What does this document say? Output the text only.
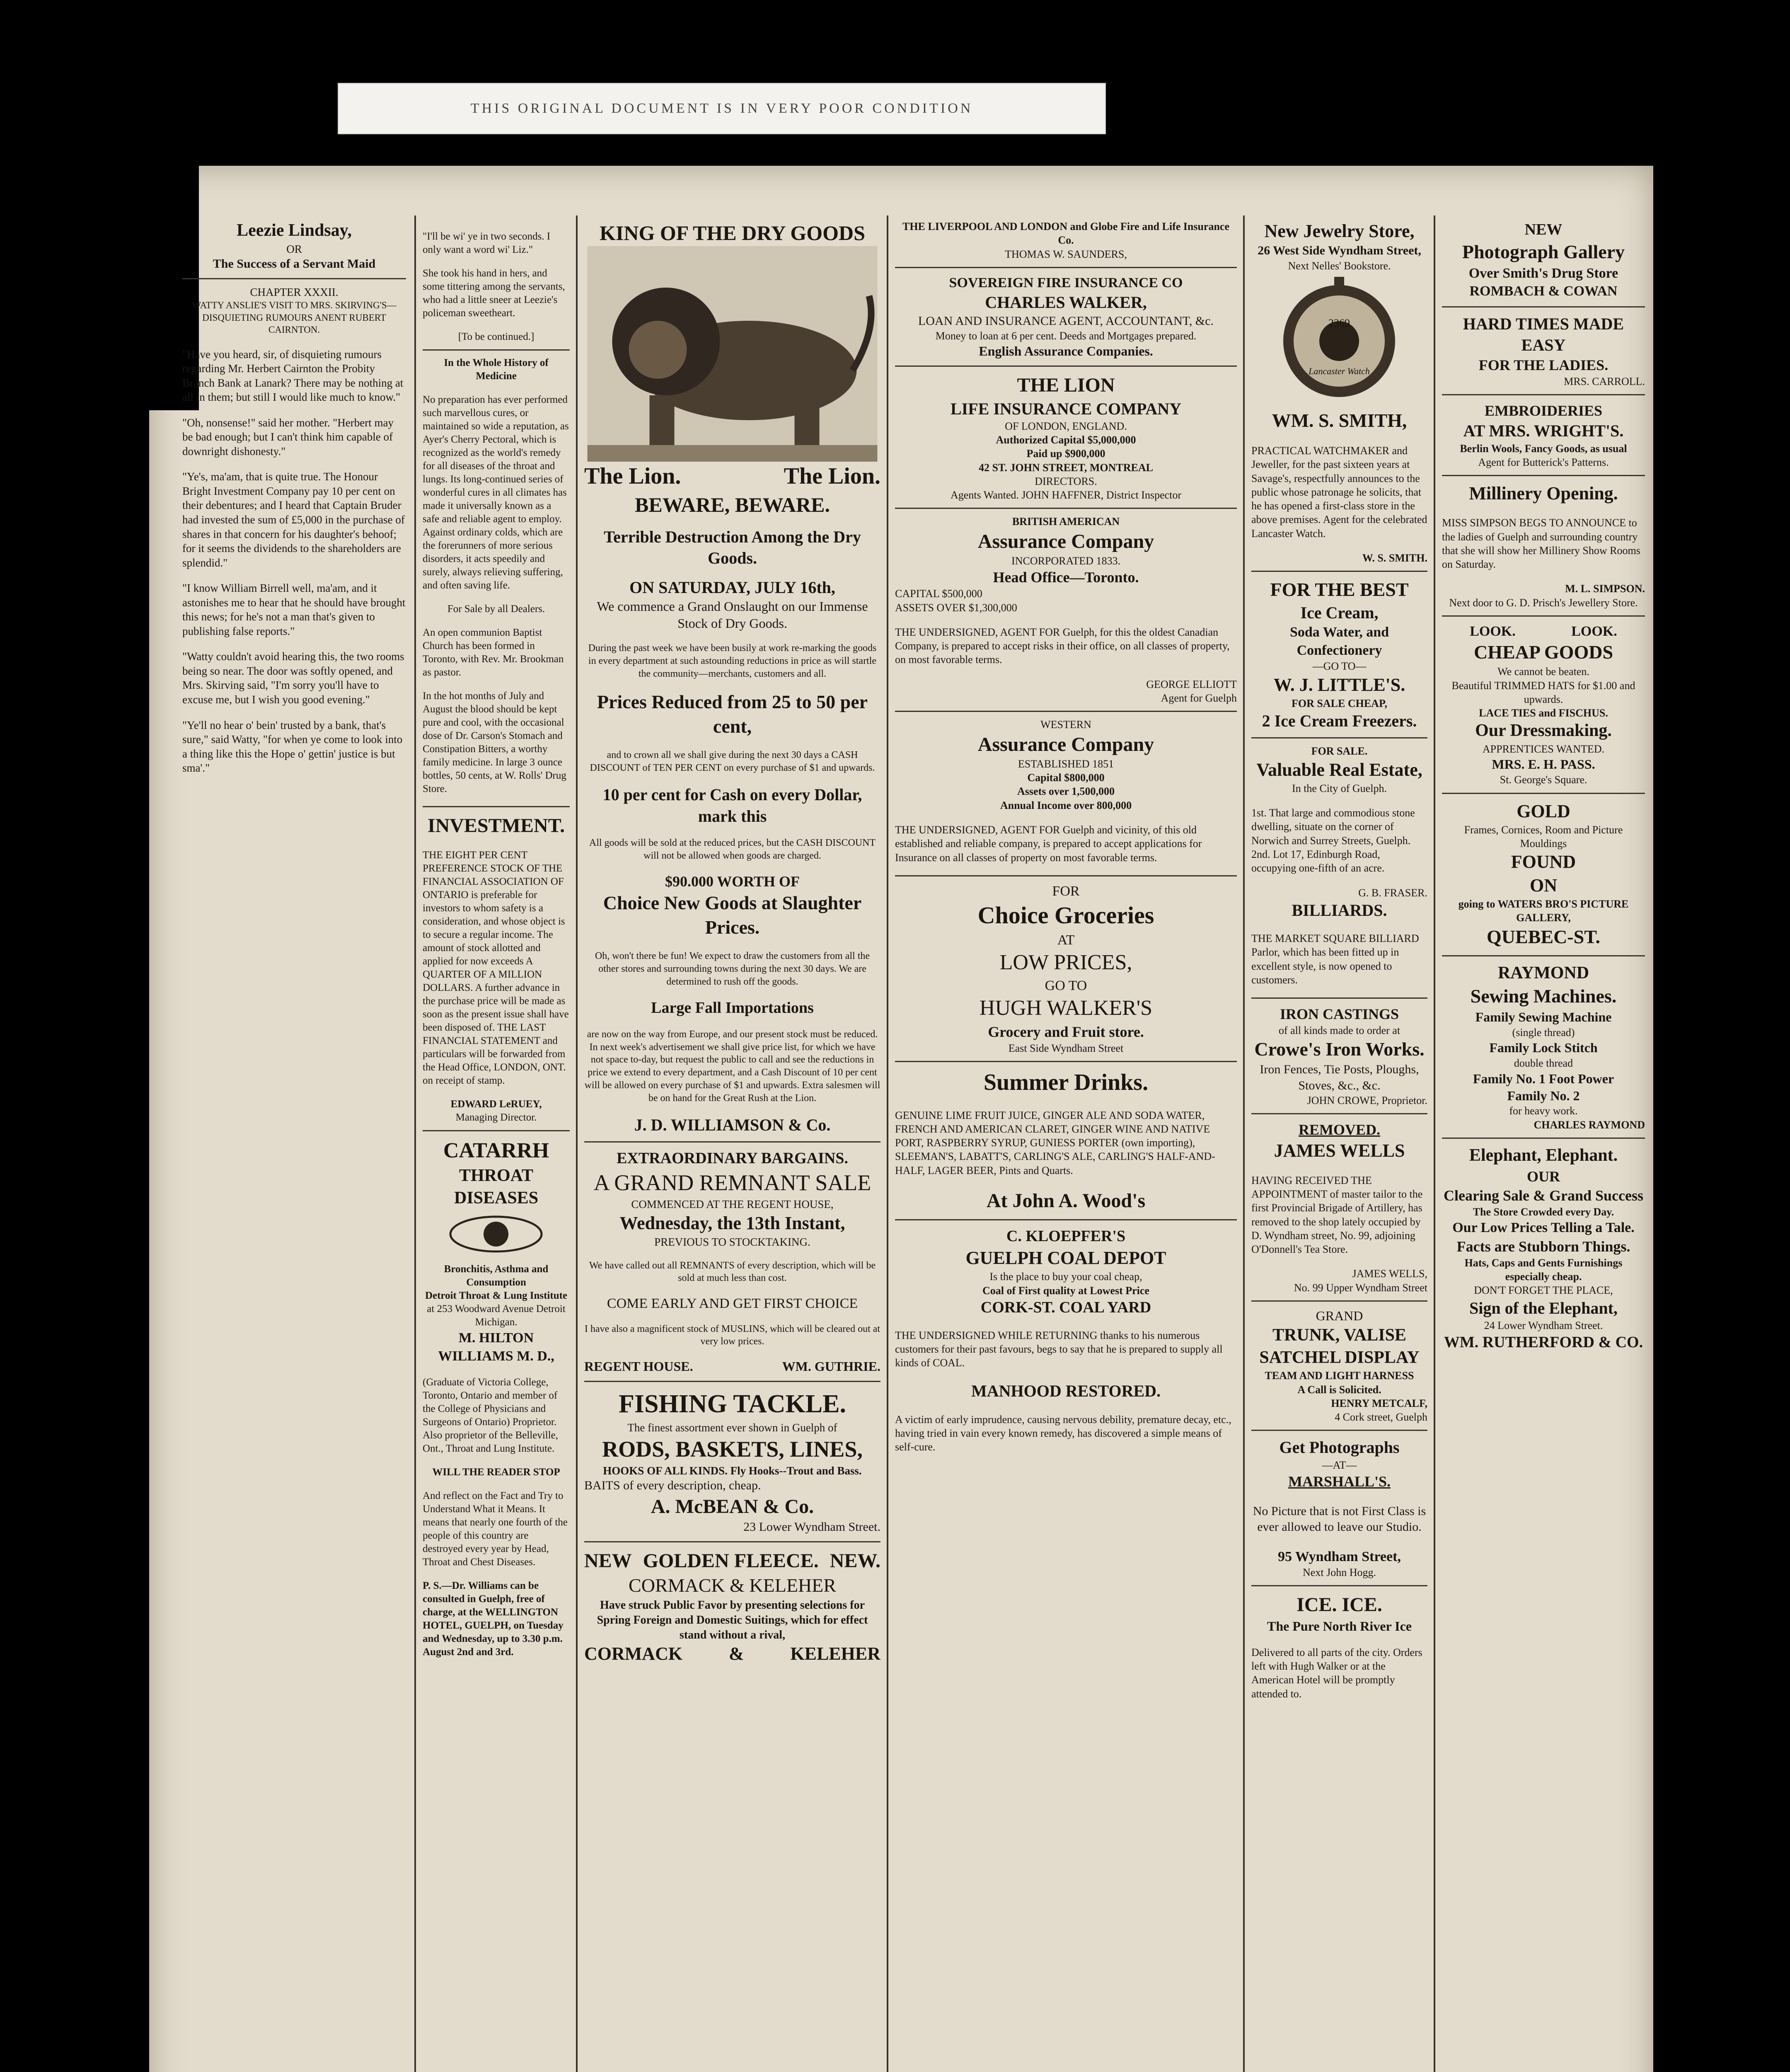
THIS ORIGINAL DOCUMENT IS IN VERY POOR CONDITION
Leezie Lindsay,
OR
The Success of a Servant Maid
CHAPTER XXXII.
WATTY ANSLIE'S VISIT TO MRS. SKIRVING'S— DISQUIETING RUMOURS ANENT RUBERT CAIRNTON.

"Have you heard, sir, of disquieting rumours regarding Mr. Herbert Cairnton the Probity Branch Bank at Lanark? There may be nothing at all in them; but still I would like much to know."

"Oh, nonsense!" said her mother. "Herbert may be bad enough; but I can't think him capable of downright dishonesty."

"Ye's, ma'am, that is quite true. The Honour Bright Investment Company pay 10 per cent on their debentures; and I heard that Captain Bruder had invested the sum of £5,000 in the purchase of shares in that concern for his daughter's behoof; for it seems the dividends to the shareholders are splendid."

"I know William Birrell well, ma'am, and it astonishes me to hear that he should have brought this news; for he's not a man that's given to publishing false reports."

"Watty couldn't avoid hearing this, the two rooms being so near. The door was softly opened, and Mrs. Skirving said, "I'm sorry you'll have to excuse me, but I wish you good evening."

"Ye'll no hear o' bein' trusted by a bank, that's sure," said Watty, "for when ye come to look into a thing like this the Hope o' gettin' justice is but sma'."

"I'll be wi' ye in two seconds. I only want a word wi' Liz."

She took his hand in hers, and some tittering among the servants, who had a little sneer at Leezie's policeman sweetheart.

[To be continued.]
In the Whole History of Medicine

No preparation has ever performed such marvellous cures, or maintained so wide a reputation, as Ayer's Cherry Pectoral, which is recognized as the world's remedy for all diseases of the throat and lungs. Its long-continued series of wonderful cures in all climates has made it universally known as a safe and reliable agent to employ. Against ordinary colds, which are the forerunners of more serious disorders, it acts speedily and surely, always relieving suffering, and often saving life.

For Sale by all Dealers.

An open communion Baptist Church has been formed in Toronto, with Rev. Mr. Brookman as pastor.

In the hot months of July and August the blood should be kept pure and cool, with the occasional dose of Dr. Carson's Stomach and Constipation Bitters, a worthy family medicine. In large 3 ounce bottles, 50 cents, at W. Rolls' Drug Store.

INVESTMENT.

THE EIGHT PER CENT PREFERENCE STOCK OF THE FINANCIAL ASSOCIATION OF ONTARIO is preferable for investors to whom safety is a consideration, and whose object is to secure a regular income. The amount of stock allotted and applied for now exceeds A QUARTER OF A MILLION DOLLARS. A further advance in the purchase price will be made as soon as the present issue shall have been disposed of. THE LAST FINANCIAL STATEMENT and particulars will be forwarded from the Head Office, LONDON, ONT. on receipt of stamp.

EDWARD LeRUEY,
Managing Director.
CATARRH
THROAT DISEASES
Bronchitis, Asthma and Consumption
Detroit Throat & Lung Institute
at 253 Woodward Avenue Detroit Michigan.
M. HILTON WILLIAMS M. D.,

(Graduate of Victoria College, Toronto, Ontario and member of the College of Physicians and Surgeons of Ontario) Proprietor. Also proprietor of the Belleville, Ont., Throat and Lung Institute.

WILL THE READER STOP

And reflect on the Fact and Try to Understand What it Means. It means that nearly one fourth of the people of this country are destroyed every year by Head, Throat and Chest Diseases.

P. S.—Dr. Williams can be consulted in Guelph, free of charge, at the WELLINGTON HOTEL, GUELPH, on Tuesday and Wednesday, up to 3.30 p.m. August 2nd and 3rd.

KING OF THE DRY GOODS
The Lion.	The Lion.
BEWARE, BEWARE.
Terrible Destruction Among the Dry Goods.
ON SATURDAY, JULY 16th,
We commence a Grand Onslaught on our Immense Stock of Dry Goods.

During the past week we have been busily at work re-marking the goods in every department at such astounding reductions in price as will startle the community—merchants, customers and all.

Prices Reduced from 25 to 50 per cent,

and to crown all we shall give during the next 30 days a CASH DISCOUNT of TEN PER CENT on every purchase of $1 and upwards.

10 per cent for Cash on every Dollar, mark this

All goods will be sold at the reduced prices, but the CASH DISCOUNT will not be allowed when goods are charged.

$90.000 WORTH OF
Choice New Goods at Slaughter Prices.

Oh, won't there be fun! We expect to draw the customers from all the other stores and surrounding towns during the next 30 days. We are determined to rush off the goods.

Large Fall Importations

are now on the way from Europe, and our present stock must be reduced. In next week's advertisement we shall give price list, for which we have not space to-day, but request the public to call and see the reductions in price we extend to every department, and a Cash Discount of 10 per cent will be allowed on every purchase of $1 and upwards. Extra salesmen will be on hand for the Great Rush at the Lion.

J. D. WILLIAMSON & Co.
EXTRAORDINARY BARGAINS.
A GRAND REMNANT SALE
COMMENCED AT THE REGENT HOUSE,
Wednesday, the 13th Instant,
PREVIOUS TO STOCKTAKING.

We have called out all REMNANTS of every description, which will be sold at much less than cost.

COME EARLY AND GET FIRST CHOICE

I have also a magnificent stock of MUSLINS, which will be cleared out at very low prices.

REGENT HOUSE.	WM. GUTHRIE.
FISHING TACKLE.
The finest assortment ever shown in Guelph of
RODS, BASKETS, LINES,
HOOKS OF ALL KINDS. Fly Hooks--Trout and Bass.
BAITS of every description, cheap.
A. McBEAN & Co.
23 Lower Wyndham Street.
NEW GOLDEN FLEECE. NEW.
CORMACK & KELEHER
Have struck Public Favor by presenting selections for Spring Foreign and Domestic Suitings, which for effect stand without a rival,
CORMACK	&	KELEHER
THE LIVERPOOL AND LONDON and Globe Fire and Life Insurance Co.
THOMAS W. SAUNDERS,
SOVEREIGN FIRE INSURANCE CO
CHARLES WALKER,
LOAN AND INSURANCE AGENT, ACCOUNTANT, &c.
Money to loan at 6 per cent. Deeds and Mortgages prepared.
English Assurance Companies.
THE LION
LIFE INSURANCE COMPANY
OF LONDON, ENGLAND.
Authorized Capital $5,000,000
Paid up $900,000
42 ST. JOHN STREET, MONTREAL
DIRECTORS.
Agents Wanted. JOHN HAFFNER, District Inspector
BRITISH AMERICAN
Assurance Company
INCORPORATED 1833.
Head Office—Toronto.
CAPITAL $500,000
ASSETS OVER $1,300,000

THE UNDERSIGNED, AGENT FOR Guelph, for this the oldest Canadian Company, is prepared to accept risks in their office, on all classes of property, on most favorable terms.

GEORGE ELLIOTT
Agent for Guelph
WESTERN
Assurance Company
ESTABLISHED 1851
Capital $800,000
Assets over 1,500,000
Annual Income over 800,000

THE UNDERSIGNED, AGENT FOR Guelph and vicinity, of this old established and reliable company, is prepared to accept applications for Insurance on all classes of property on most favorable terms.

FOR
Choice Groceries
AT
LOW PRICES,
GO TO
HUGH WALKER'S
Grocery and Fruit store.
East Side Wyndham Street
Summer Drinks.

GENUINE LIME FRUIT JUICE, GINGER ALE AND SODA WATER, FRENCH AND AMERICAN CLARET, GINGER WINE AND NATIVE PORT, RASPBERRY SYRUP, GUNIESS PORTER (own importing), SLEEMAN'S, LABATT'S, CARLING'S ALE, CARLING'S HALF-AND-HALF, LAGER BEER, Pints and Quarts.

At John A. Wood's
C. KLOEPFER'S
GUELPH COAL DEPOT
Is the place to buy your coal cheap,
Coal of First quality at Lowest Price
CORK-ST. COAL YARD

THE UNDERSIGNED WHILE RETURNING thanks to his numerous customers for their past favours, begs to say that he is prepared to supply all kinds of COAL.

MANHOOD RESTORED.

A victim of early imprudence, causing nervous debility, premature decay, etc., having tried in vain every known remedy, has discovered a simple means of self-cure.

New Jewelry Store,
26 West Side Wyndham Street,
Next Nelles' Bookstore.
2369
Lancaster Watch
WM. S. SMITH,

PRACTICAL WATCHMAKER and Jeweller, for the past sixteen years at Savage's, respectfully announces to the public whose patronage he solicits, that he has opened a first-class store in the above premises. Agent for the celebrated Lancaster Watch.

W. S. SMITH.
FOR THE BEST
Ice Cream,
Soda Water, and Confectionery
—GO TO—
W. J. LITTLE'S.
FOR SALE CHEAP,
2 Ice Cream Freezers.
FOR SALE.
Valuable Real Estate,
In the City of Guelph.

1st. That large and commodious stone dwelling, situate on the corner of Norwich and Surrey Streets, Guelph. 2nd. Lot 17, Edinburgh Road, occupying one-fifth of an acre.

G. B. FRASER.
BILLIARDS.

THE MARKET SQUARE BILLIARD Parlor, which has been fitted up in excellent style, is now opened to customers.

IRON CASTINGS
of all kinds made to order at
Crowe's Iron Works.
Iron Fences, Tie Posts, Ploughs, Stoves, &c., &c.
JOHN CROWE, Proprietor.
REMOVED.
JAMES WELLS

HAVING RECEIVED THE APPOINTMENT of master tailor to the first Provincial Brigade of Artillery, has removed to the shop lately occupied by D. Wyndham street, No. 99, adjoining O'Donnell's Tea Store.

JAMES WELLS,
No. 99 Upper Wyndham Street
GRAND
TRUNK, VALISE
SATCHEL DISPLAY
TEAM AND LIGHT HARNESS
A Call is Solicited.
HENRY METCALF,
4 Cork street, Guelph
Get Photographs
—AT—
MARSHALL'S.

No Picture that is not First Class is ever allowed to leave our Studio.

95 Wyndham Street,
Next John Hogg.
ICE. ICE.
The Pure North River Ice

Delivered to all parts of the city. Orders left with Hugh Walker or at the American Hotel will be promptly attended to.

NEW
Photograph Gallery
Over Smith's Drug Store
ROMBACH & COWAN
HARD TIMES MADE EASY
FOR THE LADIES.
MRS. CARROLL.
EMBROIDERIES
AT MRS. WRIGHT'S.
Berlin Wools, Fancy Goods, as usual
Agent for Butterick's Patterns.
Millinery Opening.

MISS SIMPSON BEGS TO ANNOUNCE to the ladies of Guelph and surrounding country that she will show her Millinery Show Rooms on Saturday.

M. L. SIMPSON.
Next door to G. D. Prisch's Jewellery Store.
LOOK.	LOOK.
CHEAP GOODS
We cannot be beaten.
Beautiful TRIMMED HATS for $1.00 and upwards.
LACE TIES and FISCHUS.
Our Dressmaking.
APPRENTICES WANTED.
MRS. E. H. PASS.
St. George's Square.
GOLD
Frames, Cornices, Room and Picture Mouldings
FOUND
ON
going to WATERS BRO'S PICTURE GALLERY,
QUEBEC-ST.
RAYMOND
Sewing Machines.
Family Sewing Machine
(single thread)
Family Lock Stitch
double thread
Family No. 1 Foot Power
Family No. 2
for heavy work.
CHARLES RAYMOND
Elephant, Elephant.
OUR
Clearing Sale & Grand Success
The Store Crowded every Day.
Our Low Prices Telling a Tale.
Facts are Stubborn Things.
Hats, Caps and Gents Furnishings especially cheap.
DON'T FORGET THE PLACE,
Sign of the Elephant,
24 Lower Wyndham Street.
WM. RUTHERFORD & CO.
